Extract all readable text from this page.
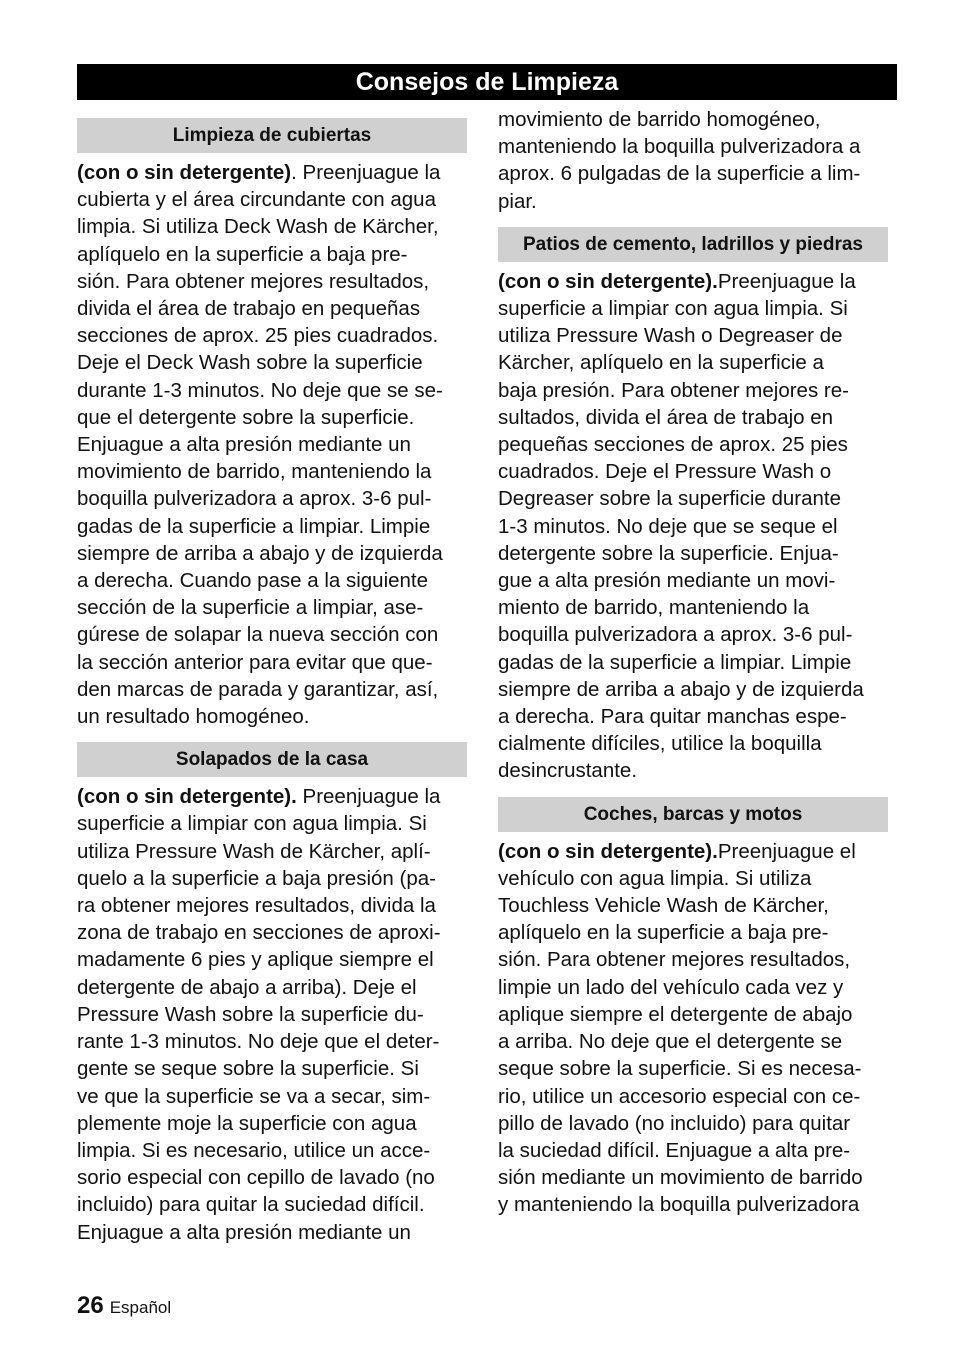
Consejos de Limpieza
Limpieza de cubiertas

(con o sin detergente). Preenjuague la
cubierta y el área circundante con agua
limpia. Si utiliza Deck Wash de Kärcher,
aplíquelo en la superficie a baja pre-
sión. Para obtener mejores resultados,
divida el área de trabajo en pequeñas
secciones de aprox. 25 pies cuadrados.
Deje el Deck Wash sobre la superficie
durante 1-3 minutos. No deje que se se-
que el detergente sobre la superficie.
Enjuague a alta presión mediante un
movimiento de barrido, manteniendo la
boquilla pulverizadora a aprox. 3-6 pul-
gadas de la superficie a limpiar. Limpie
siempre de arriba a abajo y de izquierda
a derecha. Cuando pase a la siguiente
sección de la superficie a limpiar, ase-
gúrese de solapar la nueva sección con
la sección anterior para evitar que que-
den marcas de parada y garantizar, así,
un resultado homogéneo.

Solapados de la casa

(con o sin detergente). Preenjuague la
superficie a limpiar con agua limpia. Si
utiliza Pressure Wash de Kärcher, aplí-
quelo a la superficie a baja presión (pa-
ra obtener mejores resultados, divida la
zona de trabajo en secciones de aproxi-
madamente 6 pies y aplique siempre el
detergente de abajo a arriba). Deje el
Pressure Wash sobre la superficie du-
rante 1-3 minutos. No deje que el deter-
gente se seque sobre la superficie. Si
ve que la superficie se va a secar, sim-
plemente moje la superficie con agua
limpia. Si es necesario, utilice un acce-
sorio especial con cepillo de lavado (no
incluido) para quitar la suciedad difícil.
Enjuague a alta presión mediante un

movimiento de barrido homogéneo,
manteniendo la boquilla pulverizadora a
aprox. 6 pulgadas de la superficie a lim-
piar.

Patios de cemento, ladrillos y piedras

(con o sin detergente).Preenjuague la
superficie a limpiar con agua limpia. Si
utiliza Pressure Wash o Degreaser de
Kärcher, aplíquelo en la superficie a
baja presión. Para obtener mejores re-
sultados, divida el área de trabajo en
pequeñas secciones de aprox. 25 pies
cuadrados. Deje el Pressure Wash o
Degreaser sobre la superficie durante
1-3 minutos. No deje que se seque el
detergente sobre la superficie. Enjua-
gue a alta presión mediante un movi-
miento de barrido, manteniendo la
boquilla pulverizadora a aprox. 3-6 pul-
gadas de la superficie a limpiar. Limpie
siempre de arriba a abajo y de izquierda
a derecha. Para quitar manchas espe-
cialmente difíciles, utilice la boquilla
desincrustante.

Coches, barcas y motos

(con o sin detergente).Preenjuague el
vehículo con agua limpia. Si utiliza
Touchless Vehicle Wash de Kärcher,
aplíquelo en la superficie a baja pre-
sión. Para obtener mejores resultados,
limpie un lado del vehículo cada vez y
aplique siempre el detergente de abajo
a arriba. No deje que el detergente se
seque sobre la superficie. Si es necesa-
rio, utilice un accesorio especial con ce-
pillo de lavado (no incluido) para quitar
la suciedad difícil. Enjuague a alta pre-
sión mediante un movimiento de barrido
y manteniendo la boquilla pulverizadora

26 Español
